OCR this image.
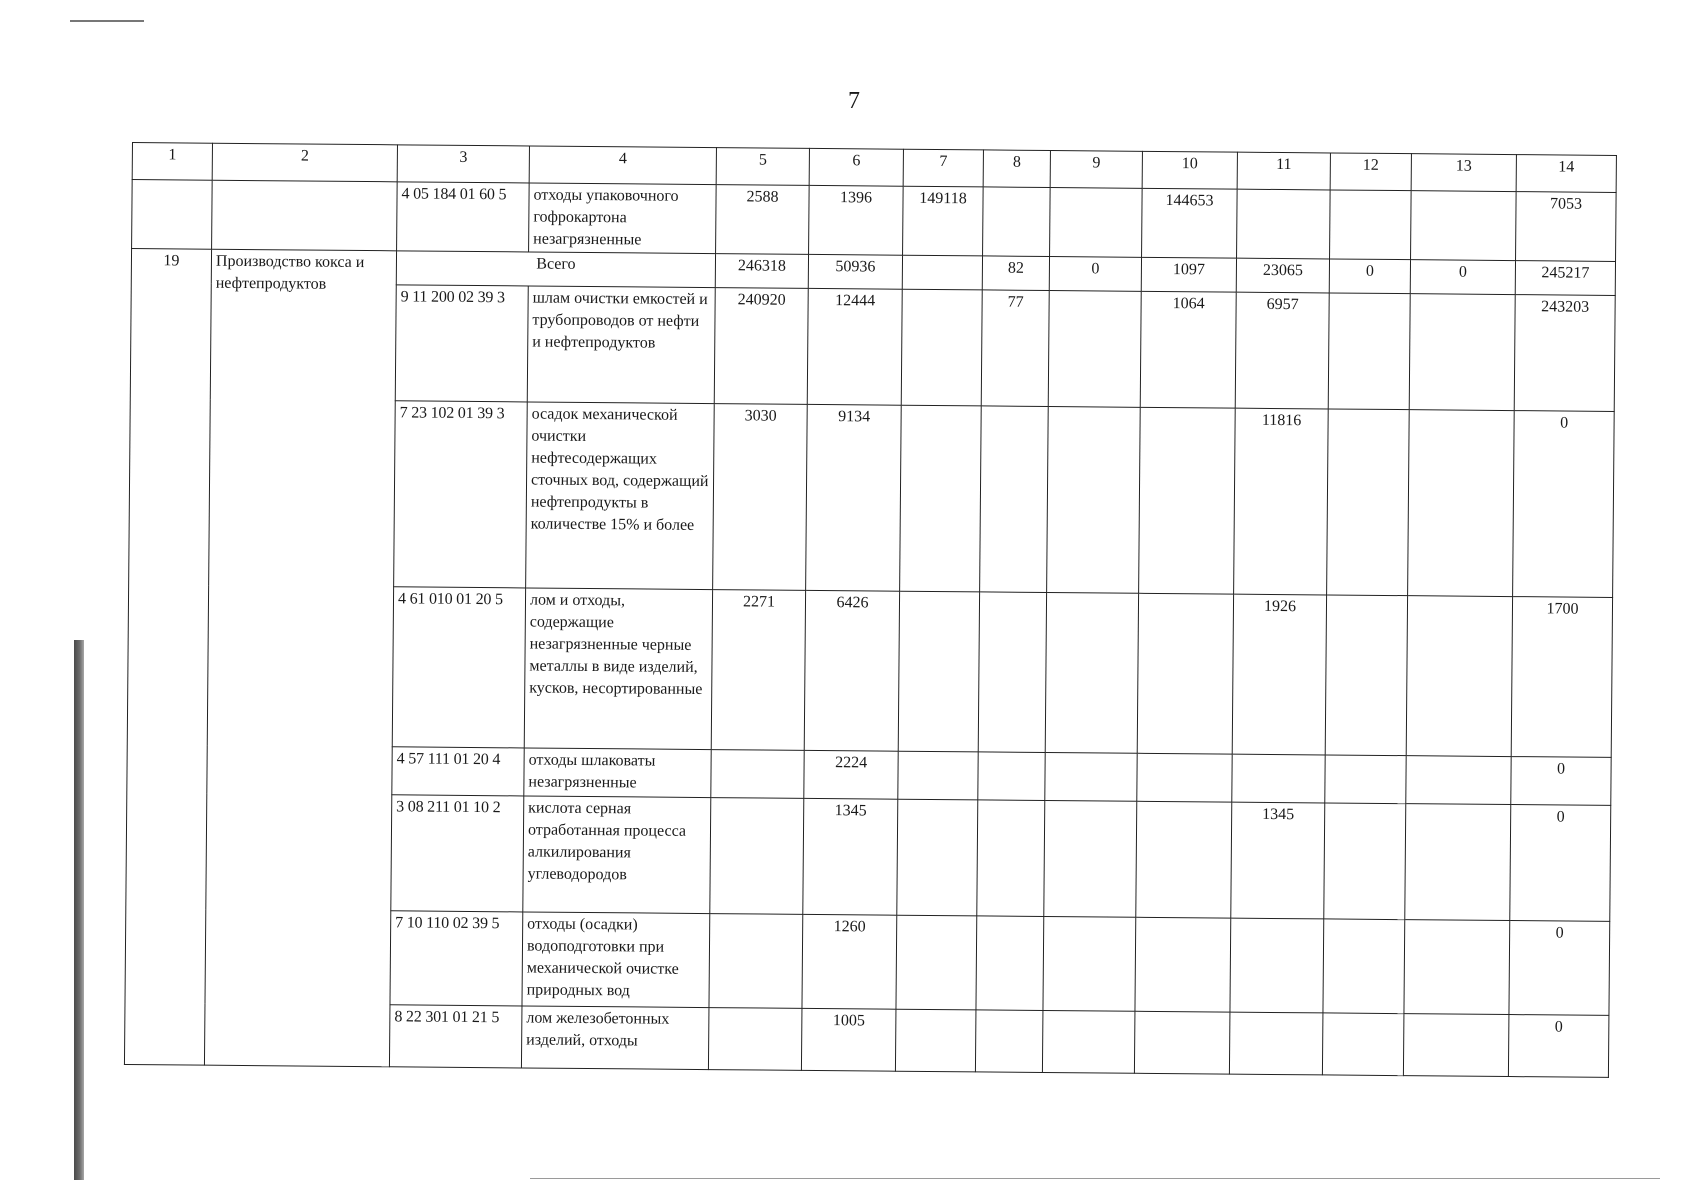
7
1	2	3	4	5	6	7	8	9	10	11	12	13	14
		4 05 184 01 60 5	отходы упаковочного гофрокартона незагрязненные	2588	1396	149118			144653				7053
19	Производство кокса и нефтепродуктов	Всего		246318	50936		82	0	1097	23065	0	0	245217
		9 11 200 02 39 3	шлам очистки емкостей и трубопроводов от нефти и нефтепродуктов	240920	12444		77		1064	6957			243203
		7 23 102 01 39 3	осадок механической очистки нефтесодержащих сточных вод, содержащий нефтепродукты в количестве 15% и более	3030	9134					11816			0
		4 61 010 01 20 5	лом и отходы, содержащие незагрязненные черные металлы в виде изделий, кусков, несортированные	2271	6426					1926			1700
		4 57 111 01 20 4	отходы шлаковаты незагрязненные		2224								0
		3 08 211 01 10 2	кислота серная отработанная процесса алкилирования углеводородов		1345					1345			0
		7 10 110 02 39 5	отходы (осадки) водоподготовки при механической очистке природных вод		1260								0
		8 22 301 01 21 5	лом железобетонных изделий, отходы		1005								0
